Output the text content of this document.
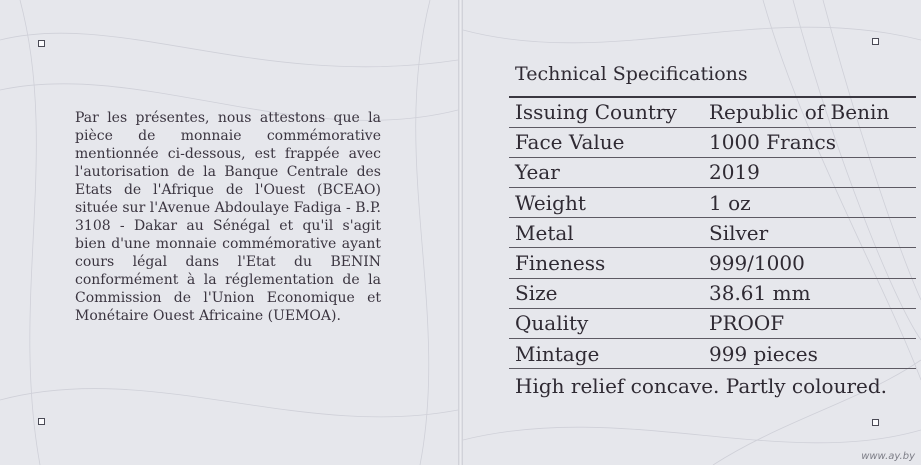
Par les présentes, nous attestons que la pièce de monnaie commémorative mentionnée ci-dessous, est frappée avec l'autorisation de la Banque Centrale des Etats de l'Afrique de l'Ouest (BCEAO) située sur l'Avenue Abdoulaye Fadiga - B.P. 3108 - Dakar au Sénégal et qu'il s'agit bien d'une monnaie commémorative ayant cours légal dans l'Etat du BENIN conformément à la réglementation de la Commission de l'Union Economique et Monétaire Ouest Africaine (UEMOA).

Technical Specifications
Issuing Country	Republic of Benin
Face Value	1000 Francs
Year	2019
Weight	1 oz
Metal	Silver
Fineness	999/1000
Size	38.61 mm
Quality	PROOF
Mintage	999 pieces
High relief concave. Partly coloured.
www.ay.by
